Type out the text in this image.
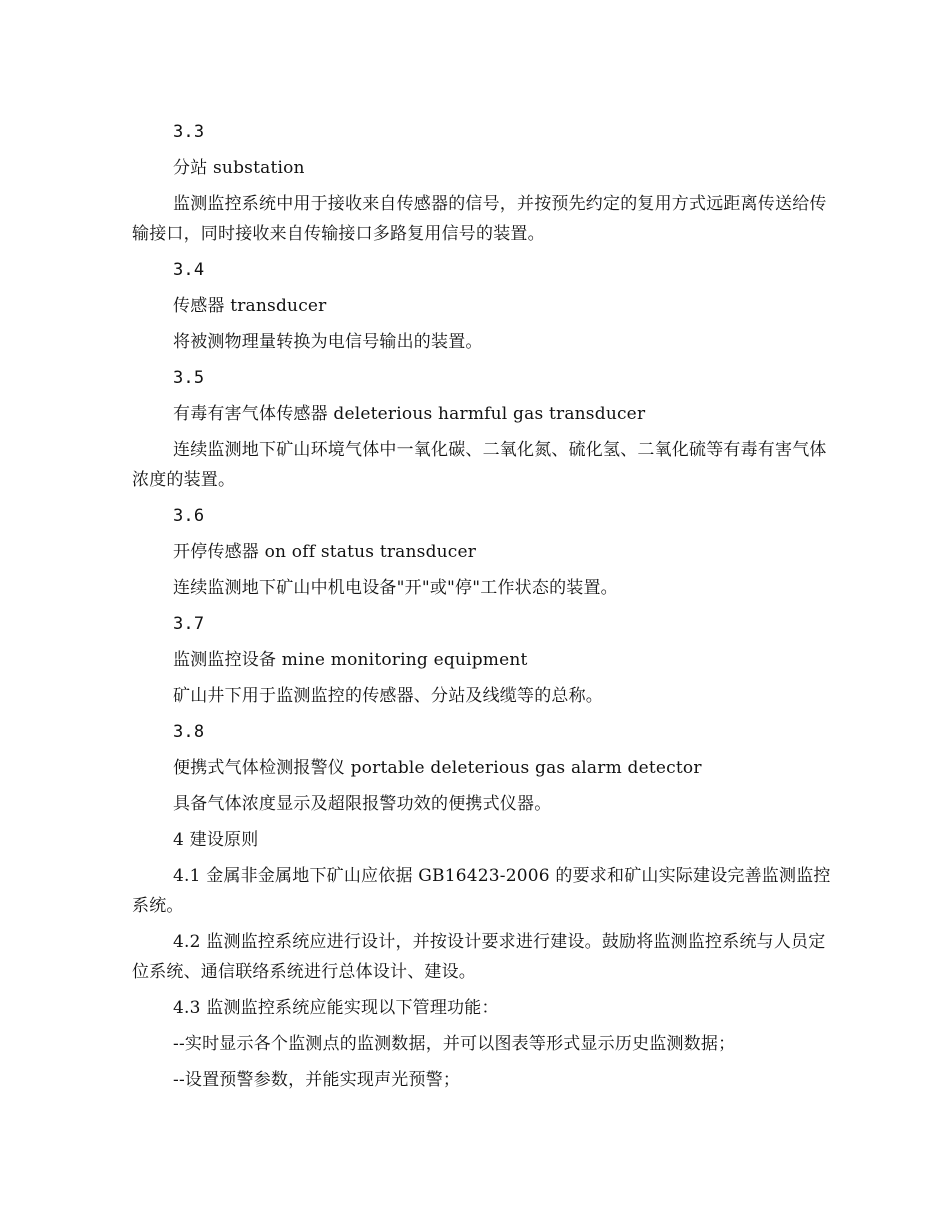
3.3

分站 substation

监测监控系统中用于接收来自传感器的信号，并按预先约定的复用方式远距离传送给传输接口，同时接收来自传输接口多路复用信号的装置。

3.4

传感器 transducer

将被测物理量转换为电信号输出的装置。

3.5

有毒有害气体传感器 deleterious harmful gas transducer

连续监测地下矿山环境气体中一氧化碳、二氧化氮、硫化氢、二氧化硫等有毒有害气体浓度的装置。

3.6

开停传感器 on off status transducer

连续监测地下矿山中机电设备"开"或"停"工作状态的装置。

3.7

监测监控设备 mine monitoring equipment

矿山井下用于监测监控的传感器、分站及线缆等的总称。

3.8

便携式气体检测报警仪 portable deleterious gas alarm detector

具备气体浓度显示及超限报警功效的便携式仪器。

4 建设原则

4.1 金属非金属地下矿山应依据 GB16423-2006 的要求和矿山实际建设完善监测监控系统。

4.2 监测监控系统应进行设计，并按设计要求进行建设。鼓励将监测监控系统与人员定位系统、通信联络系统进行总体设计、建设。

4.3 监测监控系统应能实现以下管理功能：

--实时显示各个监测点的监测数据，并可以图表等形式显示历史监测数据；

--设置预警参数，并能实现声光预警；
